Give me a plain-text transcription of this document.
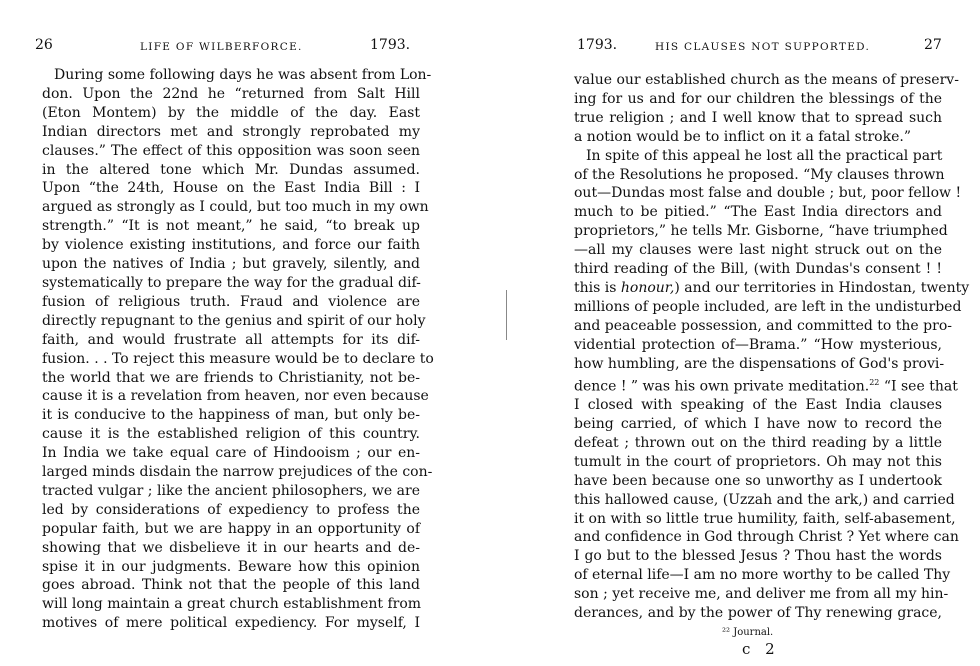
26	LIFE OF WILBERFORCE.	1793.
During some following days he was absent from Lon-
don. Upon the 22nd he “returned from Salt Hill
(Eton Montem) by the middle of the day. East
Indian directors met and strongly reprobated my
clauses.” The effect of this opposition was soon seen
in the altered tone which Mr. Dundas assumed.
Upon “the 24th, House on the East India Bill : I
argued as strongly as I could, but too much in my own
strength.” “It is not meant,” he said, “to break up
by violence existing institutions, and force our faith
upon the natives of India ; but gravely, silently, and
systematically to prepare the way for the gradual dif-
fusion of religious truth. Fraud and violence are
directly repugnant to the genius and spirit of our holy
faith, and would frustrate all attempts for its dif-
fusion. . . To reject this measure would be to declare to
the world that we are friends to Christianity, not be-
cause it is a revelation from heaven, nor even because
it is conducive to the happiness of man, but only be-
cause it is the established religion of this country.
In India we take equal care of Hindooism ; our en-
larged minds disdain the narrow prejudices of the con-
tracted vulgar ; like the ancient philosophers, we are
led by considerations of expediency to profess the
popular faith, but we are happy in an opportunity of
showing that we disbelieve it in our hearts and de-
spise it in our judgments. Beware how this opinion
goes abroad. Think not that the people of this land
will long maintain a great church establishment from
motives of mere political expediency. For myself, I
1793.	HIS CLAUSES NOT SUPPORTED.	27
value our established church as the means of preserv-
ing for us and for our children the blessings of the
true religion ; and I well know that to spread such
a notion would be to inflict on it a fatal stroke.”
In spite of this appeal he lost all the practical part
of the Resolutions he proposed. “My clauses thrown
out—Dundas most false and double ; but, poor fellow !
much to be pitied.” “The East India directors and
proprietors,” he tells Mr. Gisborne, “have triumphed
—all my clauses were last night struck out on the
third reading of the Bill, (with Dundas's consent ! !
this is honour,) and our territories in Hindostan, twenty
millions of people included, are left in the undisturbed
and peaceable possession, and committed to the pro-
vidential protection of—Brama.” “How mysterious,
how humbling, are the dispensations of God's provi-
dence ! ” was his own private meditation.$^{22}$ “I see that
I closed with speaking of the East India clauses
being carried, of which I have now to record the
defeat ; thrown out on the third reading by a little
tumult in the court of proprietors. Oh may not this
have been because one so unworthy as I undertook
this hallowed cause, (Uzzah and the ark,) and carried
it on with so little true humility, faith, self-abasement,
and confidence in God through Christ ? Yet where can
I go but to the blessed Jesus ? Thou hast the words
of eternal life—I am no more worthy to be called Thy
son ; yet receive me, and deliver me from all my hin-
derances, and by the power of Thy renewing grace,
²² Journal.
c 2
